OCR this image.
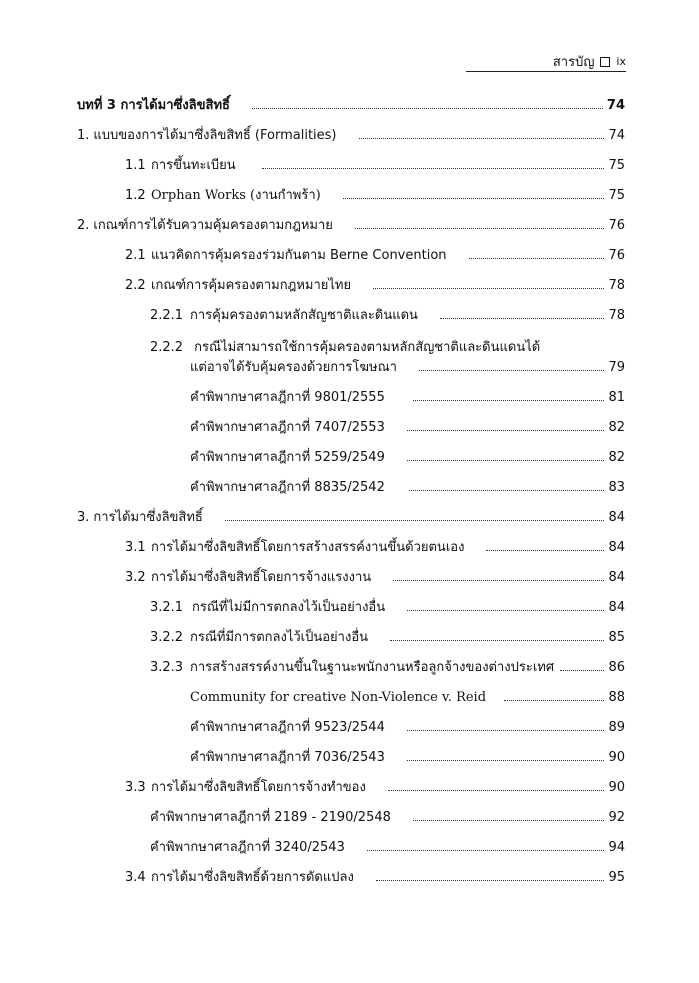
สารบัญ ix
บทที่ 3 การได้มาซึ่งลิขสิทธิ์	74
1. แบบของการได้มาซึ่งลิขสิทธิ์ (Formalities)	74
1.1 การขึ้นทะเบียน	75
1.2 Orphan Works (งานกำพร้า)	75
2. เกณฑ์การได้รับความคุ้มครองตามกฎหมาย	76
2.1 แนวคิดการคุ้มครองร่วมกันตาม Berne Convention	76
2.2 เกณฑ์การคุ้มครองตามกฎหมายไทย	78
2.2.1 การคุ้มครองตามหลักสัญชาติและดินแดน	78
2.2.2 กรณีไม่สามารถใช้การคุ้มครองตามหลักสัญชาติและดินแดนได้
แต่อาจได้รับคุ้มครองด้วยการโฆษณา	79
คำพิพากษาศาลฎีกาที่ 9801/2555	81
คำพิพากษาศาลฎีกาที่ 7407/2553	82
คำพิพากษาศาลฎีกาที่ 5259/2549	82
คำพิพากษาศาลฎีกาที่ 8835/2542	83
3. การได้มาซึ่งลิขสิทธิ์	84
3.1 การได้มาซึ่งลิขสิทธิ์โดยการสร้างสรรค์งานขึ้นด้วยตนเอง	84
3.2 การได้มาซึ่งลิขสิทธิ์โดยการจ้างแรงงาน	84
3.2.1 กรณีที่ไม่มีการตกลงไว้เป็นอย่างอื่น	84
3.2.2 กรณีที่มีการตกลงไว้เป็นอย่างอื่น	85
3.2.3 การสร้างสรรค์งานขึ้นในฐานะพนักงานหรือลูกจ้างของต่างประเทศ	86
Community for creative Non-Violence v. Reid	88
คำพิพากษาศาลฎีกาที่ 9523/2544	89
คำพิพากษาศาลฎีกาที่ 7036/2543	90
3.3 การได้มาซึ่งลิขสิทธิ์โดยการจ้างทำของ	90
คำพิพากษาศาลฎีกาที่ 2189 - 2190/2548	92
คำพิพากษาศาลฎีกาที่ 3240/2543	94
3.4 การได้มาซึ่งลิขสิทธิ์ด้วยการดัดแปลง	95
